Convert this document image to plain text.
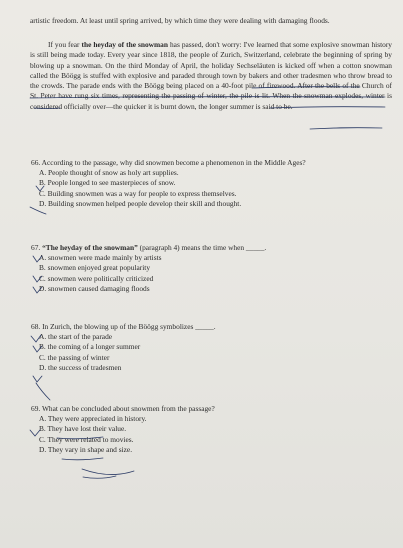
artistic freedom. At least until spring arrived, by which time they were dealing with damaging floods.
If you fear the heyday of the snowman has passed, don't worry: I've learned that some explosive snowman history is still being made today. Every year since 1818, the people of Zurich, Switzerland, celebrate the beginning of spring by blowing up a snowman. On the third Monday of April, the holiday Sechseläuten is kicked off when a cotton snowman called the Böögg is stuffed with explosive and paraded through town by bakers and other tradesmen who throw bread to the crowds. The parade ends with the Böögg being placed on a 40-foot pile of firewood. After the bells of the Church of St. Peter have rung six times, representing the passing of winter, the pile is lit. When the snowman explodes, winter is considered officially over—the quicker it is burnt down, the longer summer is said to be.
66. According to the passage, why did snowmen become a phenomenon in the Middle Ages?
A. People thought of snow as holy art supplies.
B. People longed to see masterpieces of snow.
C. Building snowmen was a way for people to express themselves.
D. Building snowmen helped people develop their skill and thought.
67. “The heyday of the snowman” (paragraph 4) means the time when _____.
A. snowmen were made mainly by artists
B. snowmen enjoyed great popularity
C. snowmen were politically criticized
D. snowmen caused damaging floods
68. In Zurich, the blowing up of the Böögg symbolizes _____.
A. the start of the parade
B. the coming of a longer summer
C. the passing of winter
D. the success of tradesmen
69. What can be concluded about snowmen from the passage?
A. They were appreciated in history.
B. They have lost their value.
C. They were related to movies.
D. They vary in shape and size.
